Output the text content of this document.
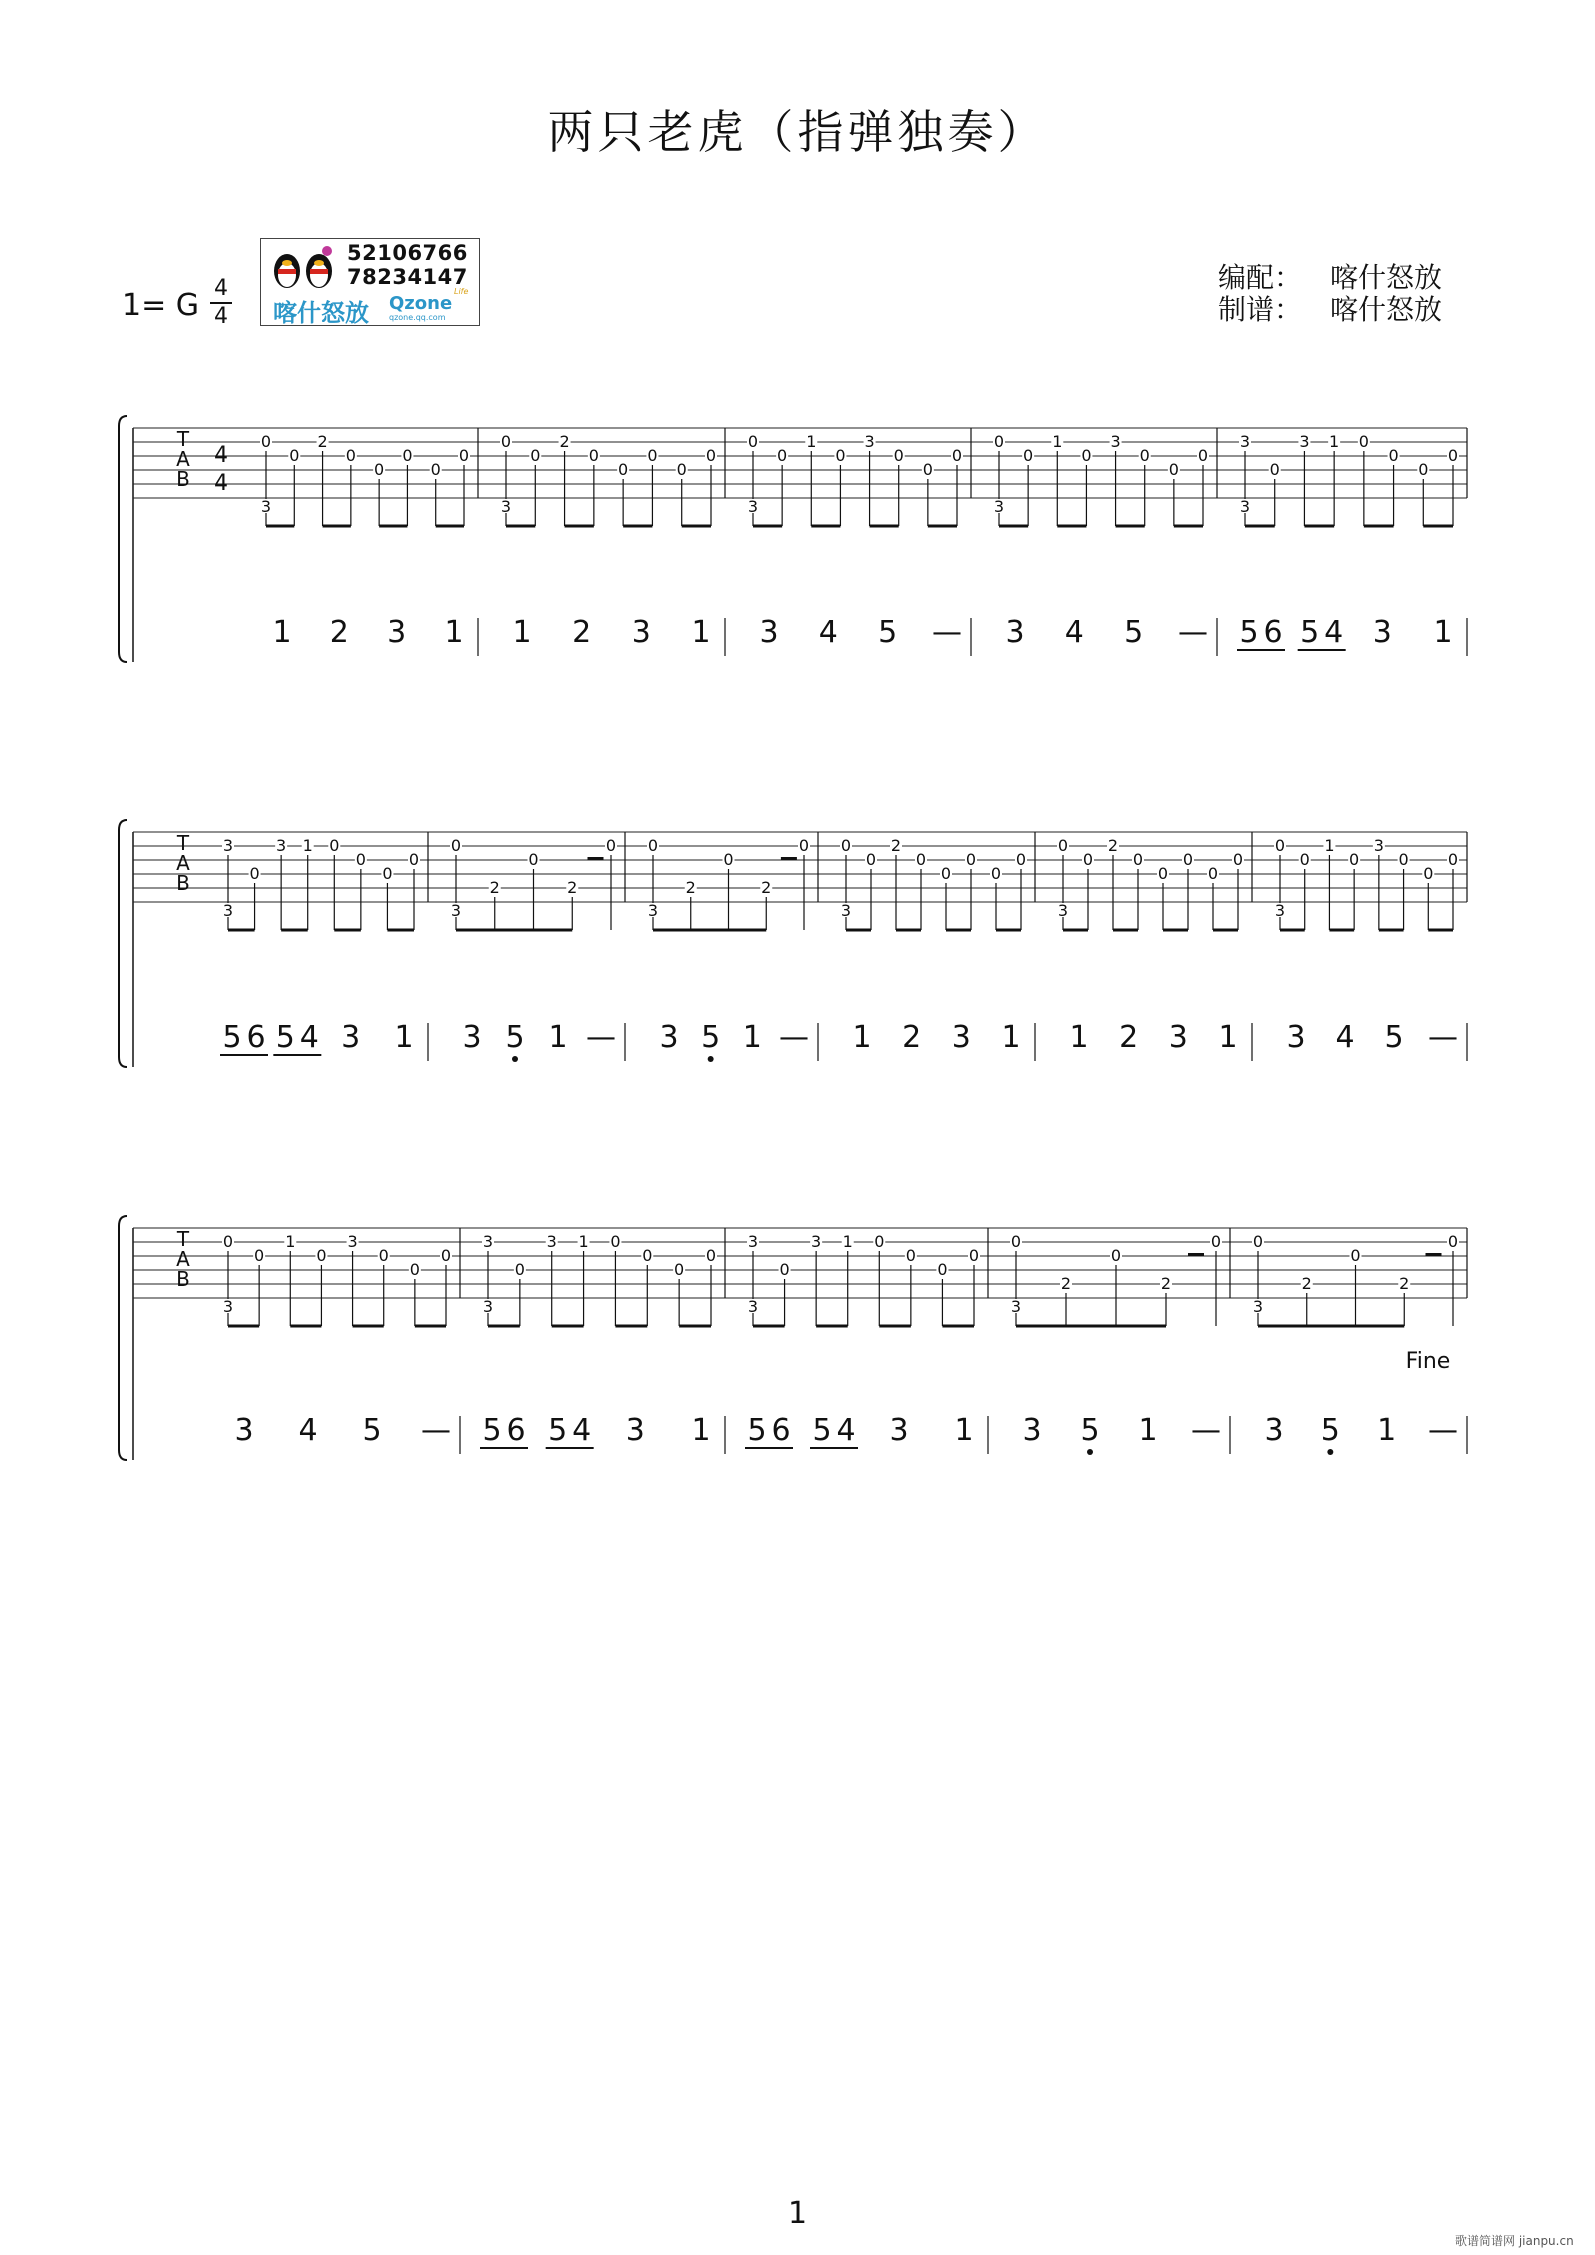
两只老虎（指弹独奏）
1= G 4
4
52106766
78234147
喀什怒放 Qzone
qzone.qq.com
Life	编配： 喀什怒放
制谱： 喀什怒放
T
A
B
4
4
0
0
2
0
0
0
0
0
3
1 2 3 1
0
0
2
0
0
0
0
0
3
1 2 3 1
0
0
1
0
3
0
0
0
3
3 4 5 —
0
0
1
0
3
0
0
0
3
3 4 5 —
3
0
3 1 0
0
0
0
3
5 6 5 4 3 1
T
A
B
3
0
3 1 0
0
0
0
3
5 6 5 4 3 1
0
2
0
2
0
3
3 5 1 —
0
2
0
2
0
3
3 5 1 —
0
0
2
0
0
0
0
0
3
1 2 3 1
0
0
2
0
0
0
0
0
3
1 2 3 1
0
0
1
0
3
0
0
0
3
3 4 5 —
T
A
B
0
0
1
0
3
0
0
0
3
3 4 5 —
3
0
3 1 0
0
0
0
3
5 6 5 4 3 1
3
0
3 1 0
0
0
0
3
5 6 5 4 3 1
0
2
0
2
0
3
3 5 1 —
0
2
0
2
0
3
3 5 1 —
Fine
1
歌谱简谱网 jianpu.cn
